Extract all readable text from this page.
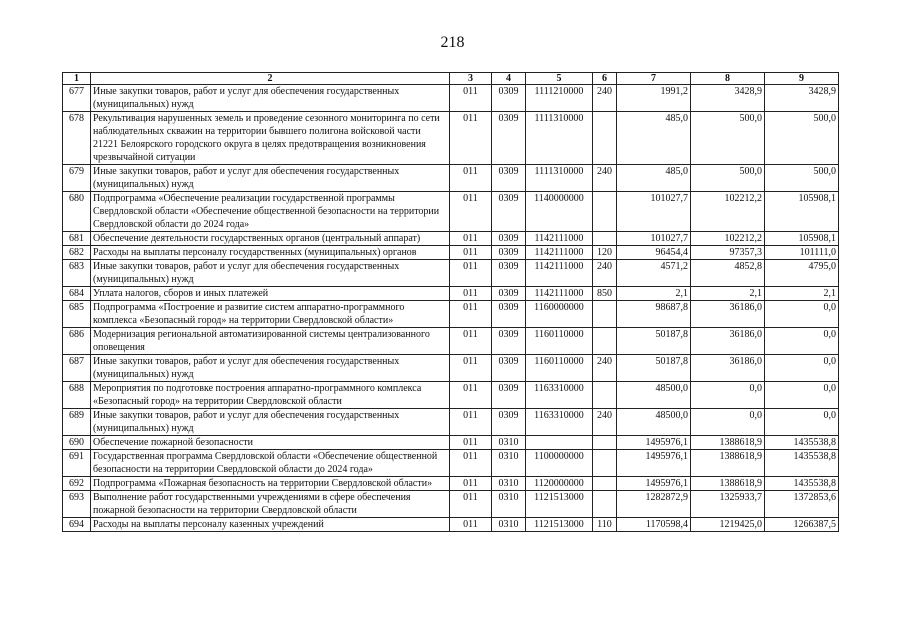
218
1	2	3	4	5	6	7	8	9
677	Иные закупки товаров, работ и услуг для обеспечения государственных (муниципальных) нужд	011	0309	1111210000	240	1991,2	3428,9	3428,9
678	Рекультивация нарушенных земель и проведение сезонного мониторинга по сети наблюдательных скважин на территории бывшего полигона войсковой части 21221 Белоярского городского округа в целях предотвращения возникновения чрезвычайной ситуации	011	0309	1111310000		485,0	500,0	500,0
679	Иные закупки товаров, работ и услуг для обеспечения государственных (муниципальных) нужд	011	0309	1111310000	240	485,0	500,0	500,0
680	Подпрограмма «Обеспечение реализации государственной программы Свердловской области «Обеспечение общественной безопасности на территории Свердловской области до 2024 года»	011	0309	1140000000		101027,7	102212,2	105908,1
681	Обеспечение деятельности государственных органов (центральный аппарат)	011	0309	1142111000		101027,7	102212,2	105908,1
682	Расходы на выплаты персоналу государственных (муниципальных) органов	011	0309	1142111000	120	96454,4	97357,3	101111,0
683	Иные закупки товаров, работ и услуг для обеспечения государственных (муниципальных) нужд	011	0309	1142111000	240	4571,2	4852,8	4795,0
684	Уплата налогов, сборов и иных платежей	011	0309	1142111000	850	2,1	2,1	2,1
685	Подпрограмма «Построение и развитие систем аппаратно-программного комплекса «Безопасный город» на территории Свердловской области»	011	0309	1160000000		98687,8	36186,0	0,0
686	Модернизация региональной автоматизированной системы централизованного оповещения	011	0309	1160110000		50187,8	36186,0	0,0
687	Иные закупки товаров, работ и услуг для обеспечения государственных (муниципальных) нужд	011	0309	1160110000	240	50187,8	36186,0	0,0
688	Мероприятия по подготовке построения аппаратно-программного комплекса «Безопасный город» на территории Свердловской области	011	0309	1163310000		48500,0	0,0	0,0
689	Иные закупки товаров, работ и услуг для обеспечения государственных (муниципальных) нужд	011	0309	1163310000	240	48500,0	0,0	0,0
690	Обеспечение пожарной безопасности	011	0310			1495976,1	1388618,9	1435538,8
691	Государственная программа Свердловской области «Обеспечение общественной безопасности на территории Свердловской области до 2024 года»	011	0310	1100000000		1495976,1	1388618,9	1435538,8
692	Подпрограмма «Пожарная безопасность на территории Свердловской области»	011	0310	1120000000		1495976,1	1388618,9	1435538,8
693	Выполнение работ государственными учреждениями в сфере обеспечения пожарной безопасности на территории Свердловской области	011	0310	1121513000		1282872,9	1325933,7	1372853,6
694	Расходы на выплаты персоналу казенных учреждений	011	0310	1121513000	110	1170598,4	1219425,0	1266387,5
